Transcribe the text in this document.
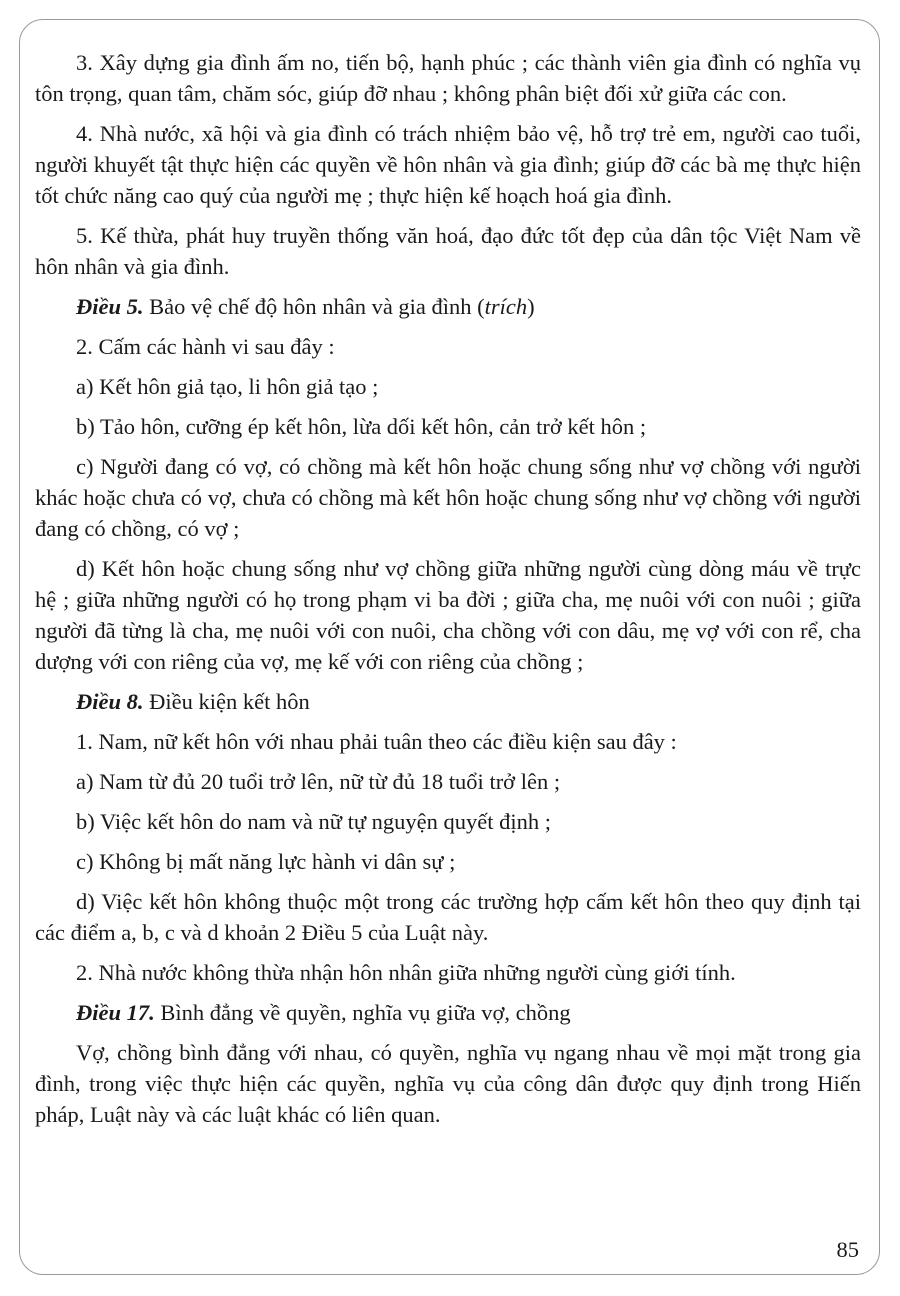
3. Xây dựng gia đình ấm no, tiến bộ, hạnh phúc ; các thành viên gia đình có nghĩa vụ tôn trọng, quan tâm, chăm sóc, giúp đỡ nhau ; không phân biệt đối xử giữa các con.

4. Nhà nước, xã hội và gia đình có trách nhiệm bảo vệ, hỗ trợ trẻ em, người cao tuổi, người khuyết tật thực hiện các quyền về hôn nhân và gia đình; giúp đỡ các bà mẹ thực hiện tốt chức năng cao quý của người mẹ ; thực hiện kế hoạch hoá gia đình.

5. Kế thừa, phát huy truyền thống văn hoá, đạo đức tốt đẹp của dân tộc Việt Nam về hôn nhân và gia đình.

Điều 5. Bảo vệ chế độ hôn nhân và gia đình (trích)

2. Cấm các hành vi sau đây :

a) Kết hôn giả tạo, li hôn giả tạo ;

b) Tảo hôn, cưỡng ép kết hôn, lừa dối kết hôn, cản trở kết hôn ;

c) Người đang có vợ, có chồng mà kết hôn hoặc chung sống như vợ chồng với người khác hoặc chưa có vợ, chưa có chồng mà kết hôn hoặc chung sống như vợ chồng với người đang có chồng, có vợ ;

d) Kết hôn hoặc chung sống như vợ chồng giữa những người cùng dòng máu về trực hệ ; giữa những người có họ trong phạm vi ba đời ; giữa cha, mẹ nuôi với con nuôi ; giữa người đã từng là cha, mẹ nuôi với con nuôi, cha chồng với con dâu, mẹ vợ với con rể, cha dượng với con riêng của vợ, mẹ kế với con riêng của chồng ;

Điều 8. Điều kiện kết hôn

1. Nam, nữ kết hôn với nhau phải tuân theo các điều kiện sau đây :

a) Nam từ đủ 20 tuổi trở lên, nữ từ đủ 18 tuổi trở lên ;

b) Việc kết hôn do nam và nữ tự nguyện quyết định ;

c) Không bị mất năng lực hành vi dân sự ;

d) Việc kết hôn không thuộc một trong các trường hợp cấm kết hôn theo quy định tại các điểm a, b, c và d khoản 2 Điều 5 của Luật này.

2. Nhà nước không thừa nhận hôn nhân giữa những người cùng giới tính.

Điều 17. Bình đẳng về quyền, nghĩa vụ giữa vợ, chồng

Vợ, chồng bình đẳng với nhau, có quyền, nghĩa vụ ngang nhau về mọi mặt trong gia đình, trong việc thực hiện các quyền, nghĩa vụ của công dân được quy định trong Hiến pháp, Luật này và các luật khác có liên quan.

85
